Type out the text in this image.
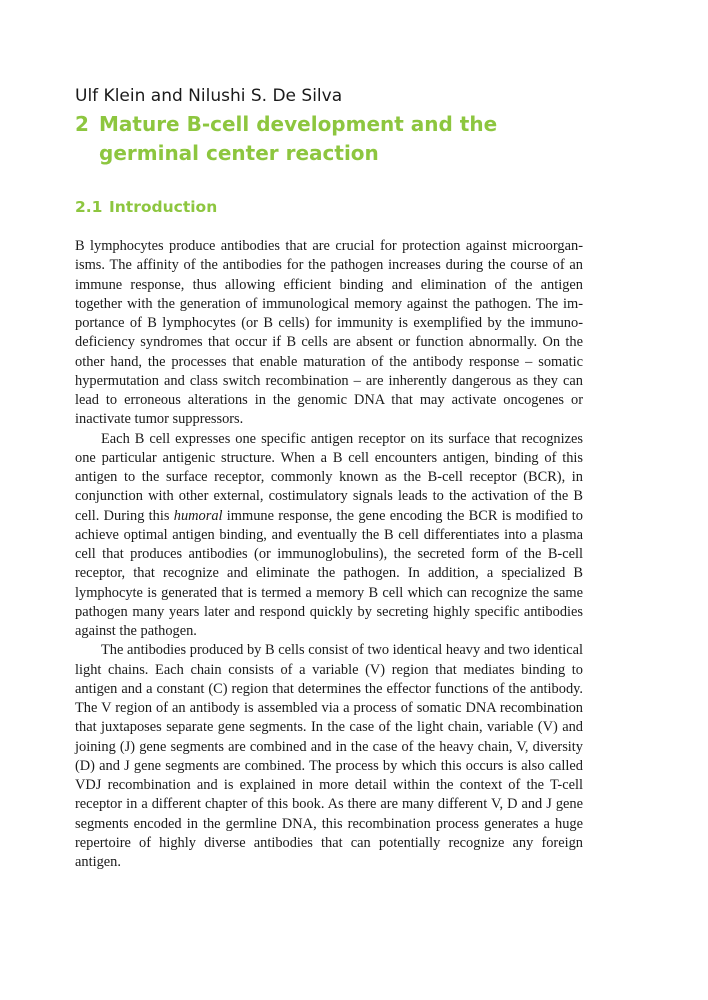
Ulf Klein and Nilushi S. De Silva
2 Mature B-cell development and the germinal center reaction
2.1 Introduction

B lymphocytes produce antibodies that are crucial for protection against microorganisms. The affinity of the antibodies for the pathogen increases during the course of an immune response, thus allowing efficient binding and elimination of the antigen together with the generation of immunological memory against the pathogen. The importance of B lymphocytes (or B cells) for immunity is exemplified by the immunodeficiency syndromes that occur if B cells are absent or function abnormally. On the other hand, the processes that enable maturation of the antibody response – somatic hypermutation and class switch recombination – are inherently dangerous as they can lead to erroneous alterations in the genomic DNA that may activate oncogenes or inactivate tumor suppressors.

Each B cell expresses one specific antigen receptor on its surface that recognizes one particular antigenic structure. When a B cell encounters antigen, binding of this antigen to the surface receptor, commonly known as the B-cell receptor (BCR), in conjunction with other external, costimulatory signals leads to the activation of the B cell. During this humoral immune response, the gene encoding the BCR is modified to achieve optimal antigen binding, and eventually the B cell differentiates into a plasma cell that produces antibodies (or immunoglobulins), the secreted form of the B-cell receptor, that recognize and eliminate the pathogen. In addition, a specialized B lymphocyte is generated that is termed a memory B cell which can recognize the same pathogen many years later and respond quickly by secreting highly specific antibodies against the pathogen.

The antibodies produced by B cells consist of two identical heavy and two identical light chains. Each chain consists of a variable (V) region that mediates binding to antigen and a constant (C) region that determines the effector functions of the antibody. The V region of an antibody is assembled via a process of somatic DNA recombination that juxtaposes separate gene segments. In the case of the light chain, variable (V) and joining (J) gene segments are combined and in the case of the heavy chain, V, diversity (D) and J gene segments are combined. The process by which this occurs is also called VDJ recombination and is explained in more detail within the context of the T-cell receptor in a different chapter of this book. As there are many different V, D and J gene segments encoded in the germline DNA, this recombination process generates a huge repertoire of highly diverse antibodies that can potentially recognize any foreign antigen.
